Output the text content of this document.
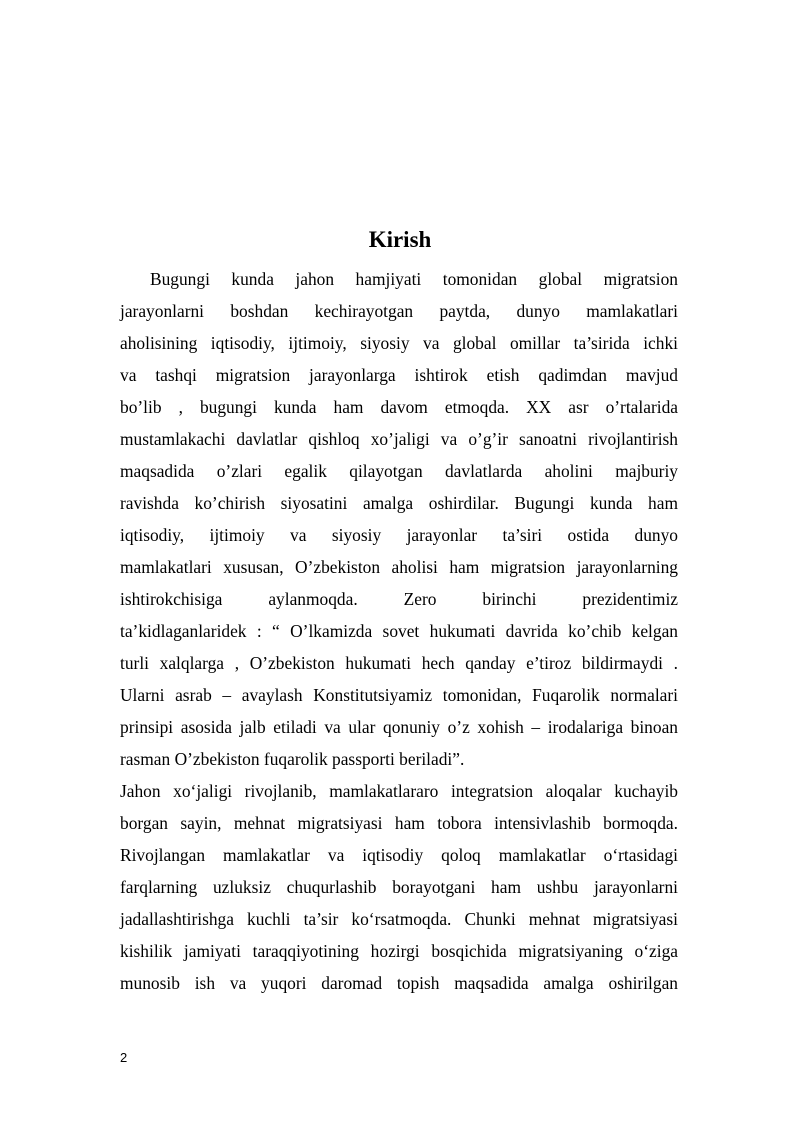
Kirish
Bugungi kunda jahon hamjiyati tomonidan global migratsion
jarayonlarni boshdan kechirayotgan paytda, dunyo mamlakatlari
aholisining iqtisodiy, ijtimoiy, siyosiy va global omillar ta’sirida ichki
va tashqi migratsion jarayonlarga ishtirok etish qadimdan mavjud
bo’lib , bugungi kunda ham davom etmoqda. XX asr o’rtalarida
mustamlakachi davlatlar qishloq xo’jaligi va o’g’ir sanoatni rivojlantirish
maqsadida o’zlari egalik qilayotgan davlatlarda aholini majburiy
ravishda ko’chirish siyosatini amalga oshirdilar. Bugungi kunda ham
iqtisodiy, ijtimoiy va siyosiy jarayonlar ta’siri ostida dunyo
mamlakatlari xususan, O’zbekiston aholisi ham migratsion jarayonlarning
ishtirokchisiga aylanmoqda. Zero birinchi prezidentimiz
ta’kidlaganlaridek : “ O’lkamizda sovet hukumati davrida ko’chib kelgan
turli xalqlarga , O’zbekiston hukumati hech qanday e’tiroz bildirmaydi .
Ularni asrab – avaylash Konstitutsiyamiz tomonidan, Fuqarolik normalari
prinsipi asosida jalb etiladi va ular qonuniy o’z xohish – irodalariga binoan
rasman O’zbekiston fuqarolik passporti beriladi”.
Jahon xo‘jaligi rivojlanib, mamlakatlararo integratsion aloqalar kuchayib
borgan sayin, mehnat migratsiyasi ham tobora intensivlashib bormoqda.
Rivojlangan mamlakatlar va iqtisodiy qoloq mamlakatlar o‘rtasidagi
farqlarning uzluksiz chuqurlashib borayotgani ham ushbu jarayonlarni
jadallashtirishga kuchli ta’sir ko‘rsatmoqda. Chunki mehnat migratsiyasi
kishilik jamiyati taraqqiyotining hozirgi bosqichida migratsiyaning o‘ziga
munosib ish va yuqori daromad topish maqsadida amalga oshirilgan
2
